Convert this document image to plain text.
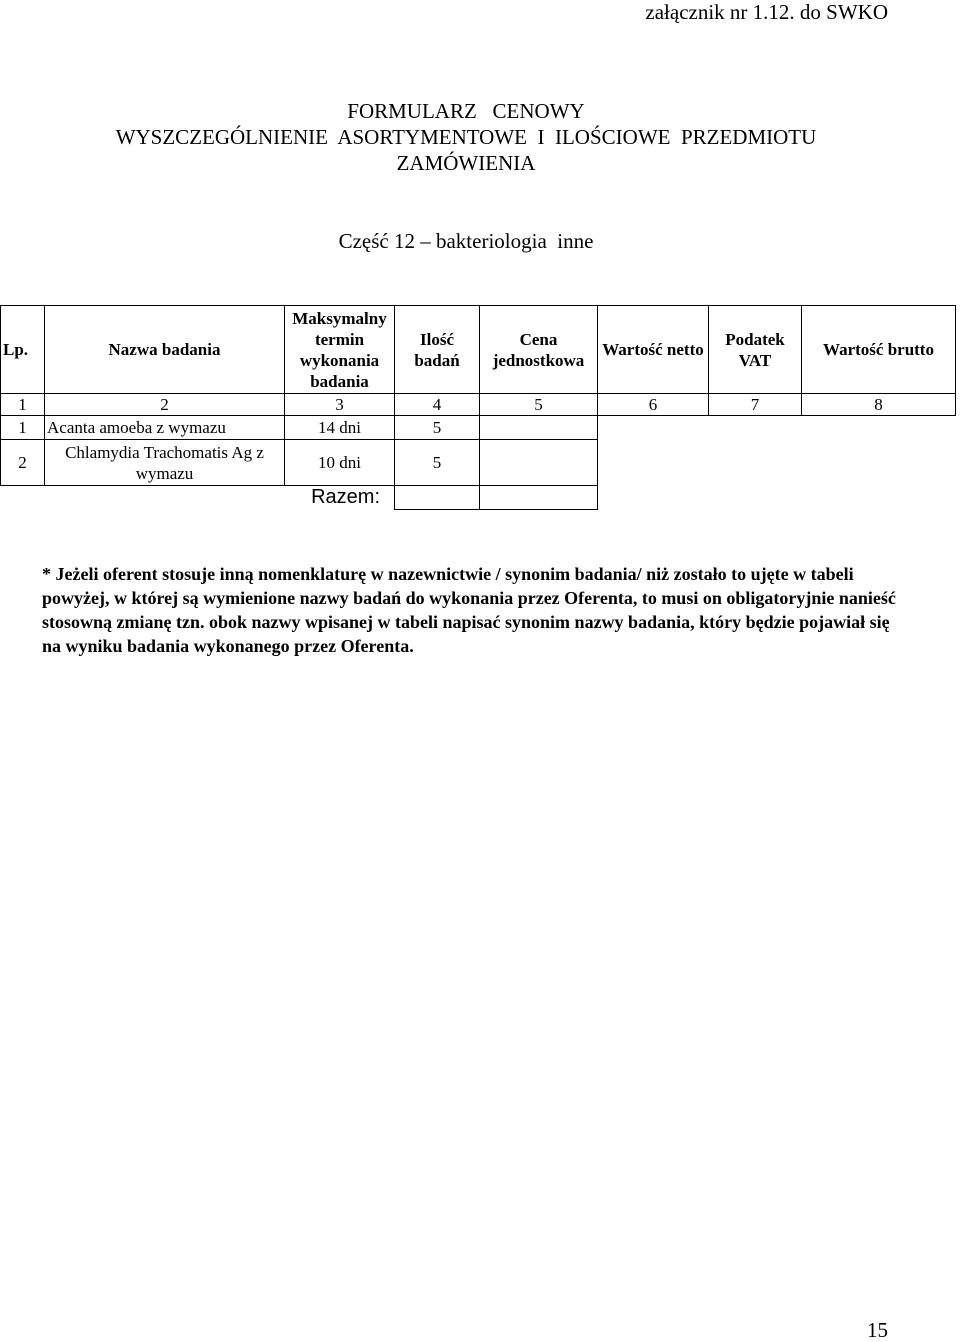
załącznik nr 1.12. do SWKO
FORMULARZ   CENOWY
WYSZCZEGÓLNIENIE  ASORTYMENTOWE  I  ILOŚCIOWE  PRZEDMIOTU
ZAMÓWIENIA
Część 12 – bakteriologia  inne
Lp.	Nazwa badania	Maksymalny termin wykonania badania	Ilość badań	Cena jednostkowa	Wartość netto	Podatek VAT	Wartość brutto
1	2	3	4	5	6	7	8
1	Acanta amoeba z wymazu	14 dni	5				
2	Chlamydia Trachomatis Ag z wymazu	10 dni	5				
Razem:							
* Jeżeli oferent stosuje inną nomenklaturę w nazewnictwie / synonim badania/ niż zostało to ujęte w tabeli powyżej, w której są wymienione nazwy badań do wykonania przez Oferenta, to musi on obligatoryjnie nanieść stosowną zmianę tzn. obok nazwy wpisanej w tabeli napisać synonim nazwy badania, który będzie pojawiał się na wyniku badania wykonanego przez Oferenta.
15
